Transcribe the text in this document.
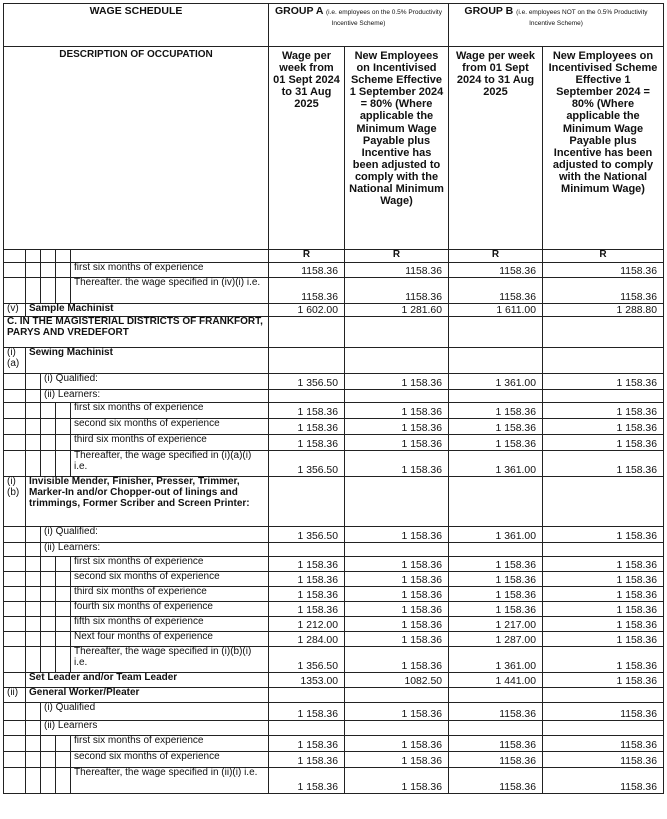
WAGE SCHEDULE					GROUP A (i.e. employees on the 0.5% Productivity Incentive Scheme)		GROUP B (i.e. employees NOT on the 0.5% Productivity Incentive Scheme)	
DESCRIPTION OF OCCUPATION					Wage per week from 01 Sept 2024 to 31 Aug 2025	New Employees on Incentivised Scheme Effective 1 September 2024 = 80% (Where applicable the Minimum Wage Payable plus Incentive has been adjusted to comply with the National Minimum Wage)	Wage per week from 01 Sept 2024 to 31 Aug 2025	New Employees on Incentivised Scheme Effective 1 September 2024 = 80% (Where applicable the Minimum Wage Payable plus Incentive has been adjusted to comply with the National Minimum Wage)
					R	R	R	R
				first six months of experience	1158.36	1158.36	1158.36	1158.36
				Thereafter. the wage specified in (iv)(i) i.e.	1158.36	1158.36	1158.36	1158.36
(v)	Sample Machinist				1 602.00	1 281.60	1 611.00	1 288.80
C. IN THE MAGISTERIAL DISTRICTS OF FRANKFORT, PARYS AND VREDEFORT								
(i) (a)	Sewing Machinist							
		(i) Qualified:			1 356.50	1 158.36	1 361.00	1 158.36
		(ii) Learners:						
				first six months of experience	1 158.36	1 158.36	1 158.36	1 158.36
				second six months of experience	1 158.36	1 158.36	1 158.36	1 158.36
				third six months of experience	1 158.36	1 158.36	1 158.36	1 158.36
				Thereafter, the wage specified in (i)(a)(i) i.e.	1 356.50	1 158.36	1 361.00	1 158.36
(i) (b)	Invisible Mender, Finisher, Presser, Trimmer, Marker-In and/or Chopper-out of linings and trimmings, Former Scriber and Screen Printer:							
		(i) Qualified:			1 356.50	1 158.36	1 361.00	1 158.36
		(ii) Learners:						
				first six months of experience	1 158.36	1 158.36	1 158.36	1 158.36
				second six months of experience	1 158.36	1 158.36	1 158.36	1 158.36
				third six months of experience	1 158.36	1 158.36	1 158.36	1 158.36
				fourth six months of experience	1 158.36	1 158.36	1 158.36	1 158.36
				fifth six months of experience	1 212.00	1 158.36	1 217.00	1 158.36
				Next four months of experience	1 284.00	1 158.36	1 287.00	1 158.36
				Thereafter, the wage specified in (i)(b)(i) i.e.	1 356.50	1 158.36	1 361.00	1 158.36
	Set Leader and/or Team Leader				1353.00	1082.50	1 441.00	1 158.36
(ii)	General Worker/Pleater							
		(i) Qualified			1 158.36	1 158.36	1158.36	1158.36
		(ii) Learners						
				first six months of experience	1 158.36	1 158.36	1158.36	1158.36
				second six months of experience	1 158.36	1 158.36	1158.36	1158.36
				Thereafter, the wage specified in (ii)(i) i.e.	1 158.36	1 158.36	1158.36	1158.36
